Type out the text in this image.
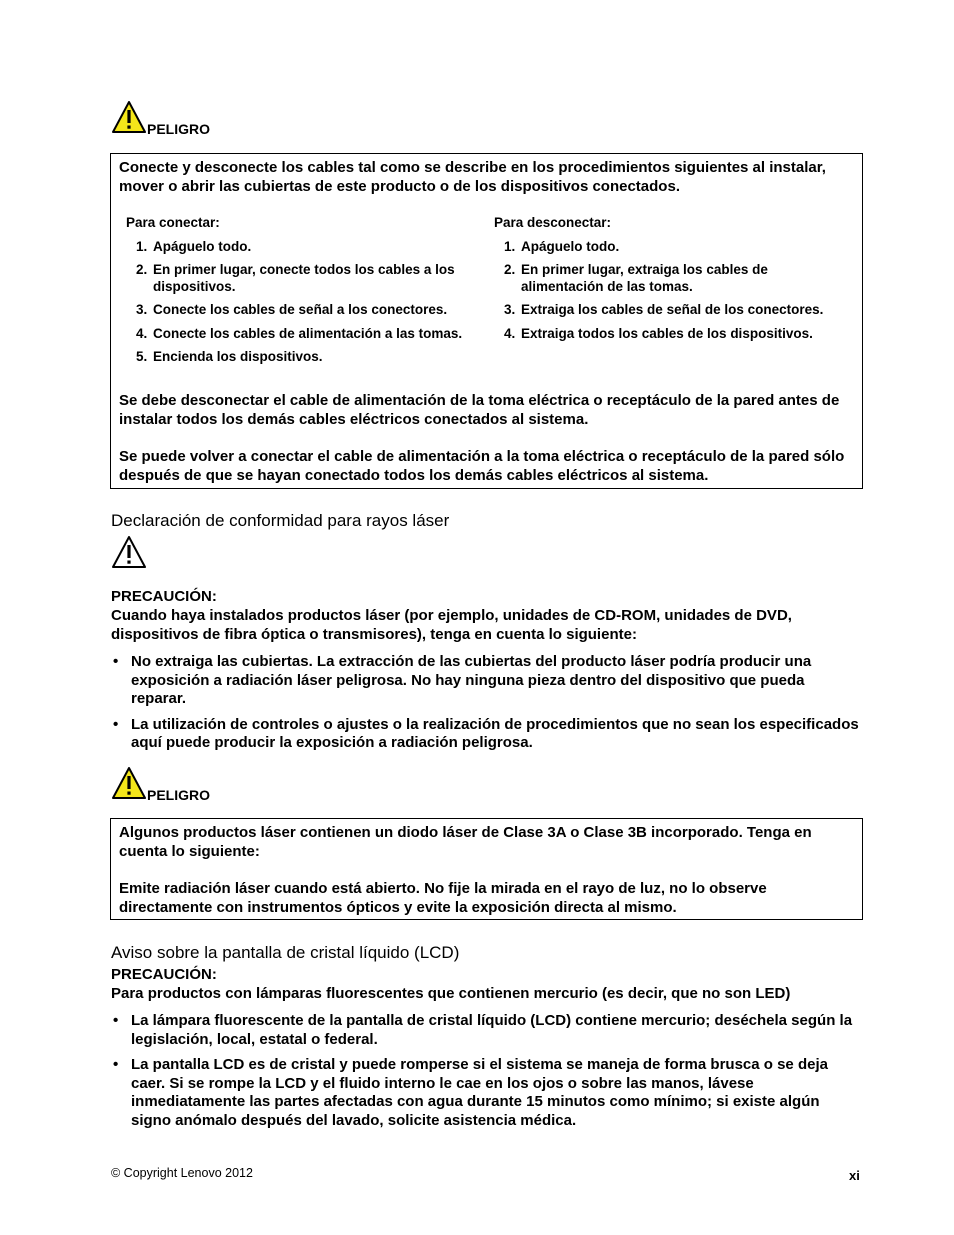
PELIGRO

Conecte y desconecte los cables tal como se describe en los procedimientos siguientes al instalar, mover o abrir las cubiertas de este producto o de los dispositivos conectados.

Para conectar:
1. Apáguelo todo.
2. En primer lugar, conecte todos los cables a los dispositivos.
3. Conecte los cables de señal a los conectores.
4. Conecte los cables de alimentación a las tomas.
5. Encienda los dispositivos.
Para desconectar:
1. Apáguelo todo.
2. En primer lugar, extraiga los cables de alimentación de las tomas.
3. Extraiga los cables de señal de los conectores.
4. Extraiga todos los cables de los dispositivos.

Se debe desconectar el cable de alimentación de la toma eléctrica o receptáculo de la pared antes de instalar todos los demás cables eléctricos conectados al sistema.

Se puede volver a conectar el cable de alimentación a la toma eléctrica o receptáculo de la pared sólo después de que se hayan conectado todos los demás cables eléctricos al sistema.

Declaración de conformidad para rayos láser
PRECAUCIÓN:

Cuando haya instalados productos láser (por ejemplo, unidades de CD-ROM, unidades de DVD, dispositivos de fibra óptica o transmisores), tenga en cuenta lo siguiente:

• No extraiga las cubiertas. La extracción de las cubiertas del producto láser podría producir una exposición a radiación láser peligrosa. No hay ninguna pieza dentro del dispositivo que pueda reparar.
• La utilización de controles o ajustes o la realización de procedimientos que no sean los especificados aquí puede producir la exposición a radiación peligrosa.
PELIGRO

Algunos productos láser contienen un diodo láser de Clase 3A o Clase 3B incorporado. Tenga en cuenta lo siguiente:

Emite radiación láser cuando está abierto. No fije la mirada en el rayo de luz, no lo observe directamente con instrumentos ópticos y evite la exposición directa al mismo.

Aviso sobre la pantalla de cristal líquido (LCD)
PRECAUCIÓN:

Para productos con lámparas fluorescentes que contienen mercurio (es decir, que no son LED)

• La lámpara fluorescente de la pantalla de cristal líquido (LCD) contiene mercurio; deséchela según la legislación, local, estatal o federal.
• La pantalla LCD es de cristal y puede romperse si el sistema se maneja de forma brusca o se deja caer. Si se rompe la LCD y el fluido interno le cae en los ojos o sobre las manos, lávese inmediatamente las partes afectadas con agua durante 15 minutos como mínimo; si existe algún signo anómalo después del lavado, solicite asistencia médica.
© Copyright Lenovo 2012	xi
